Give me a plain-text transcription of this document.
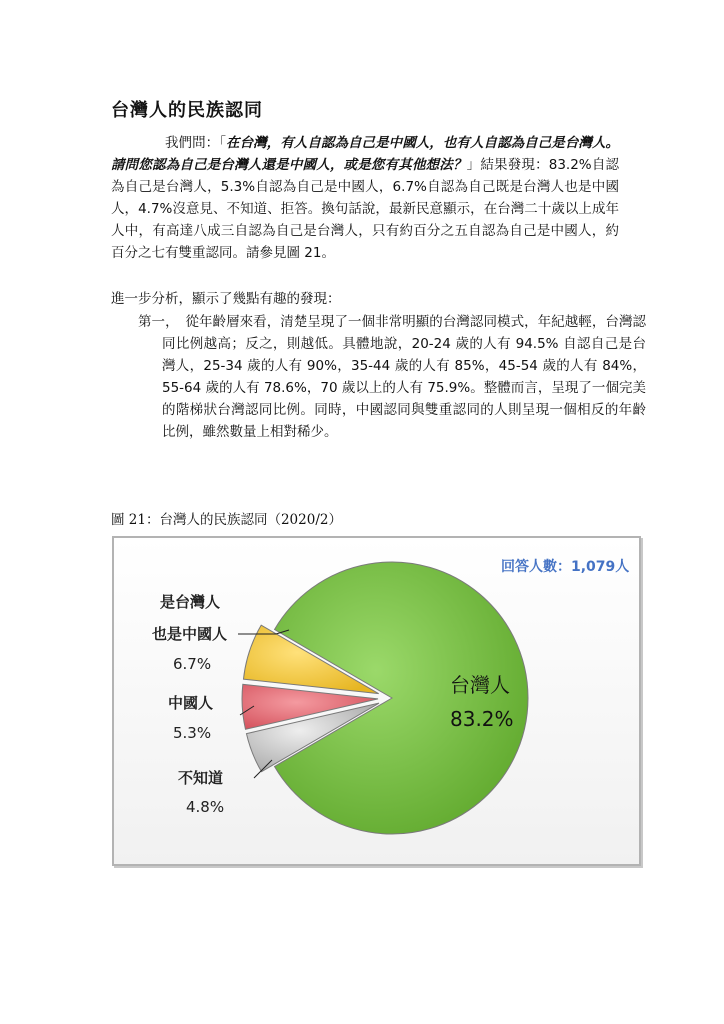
台灣人的民族認同
我們問：「在台灣，有人自認為自己是中國人，也有人自認為自己是台灣人。請問您認為自己是台灣人還是中國人，或是您有其他想法？」結果發現：83.2%自認為自己是台灣人，5.3%自認為自己是中國人，6.7%自認為自己既是台灣人也是中國人，4.7%沒意見、不知道、拒答。換句話說，最新民意顯示，在台灣二十歲以上成年人中，有高達八成三自認為自己是台灣人，只有約百分之五自認為自己是中國人，約百分之七有雙重認同。請參見圖 21。
進一步分析，顯示了幾點有趣的發現：
第一，　從年齡層來看，清楚呈現了一個非常明顯的台灣認同模式，年紀越輕，台灣認同比例越高；反之，則越低。具體地說，20-24 歲的人有 94.5% 自認自己是台灣人，25-34 歲的人有 90%，35-44 歲的人有 85%，45-54 歲的人有 84%，55-64 歲的人有 78.6%，70 歲以上的人有 75.9%。整體而言，呈現了一個完美的階梯狀台灣認同比例。同時，中國認同與雙重認同的人則呈現一個相反的年齡比例，雖然數量上相對稀少。
圖 21：台灣人的民族認同（2020/2）
台灣人
83.2%
是台灣人
也是中國人
6.7%
中國人
5.3%
不知道
4.8%
回答人數：1,079人
